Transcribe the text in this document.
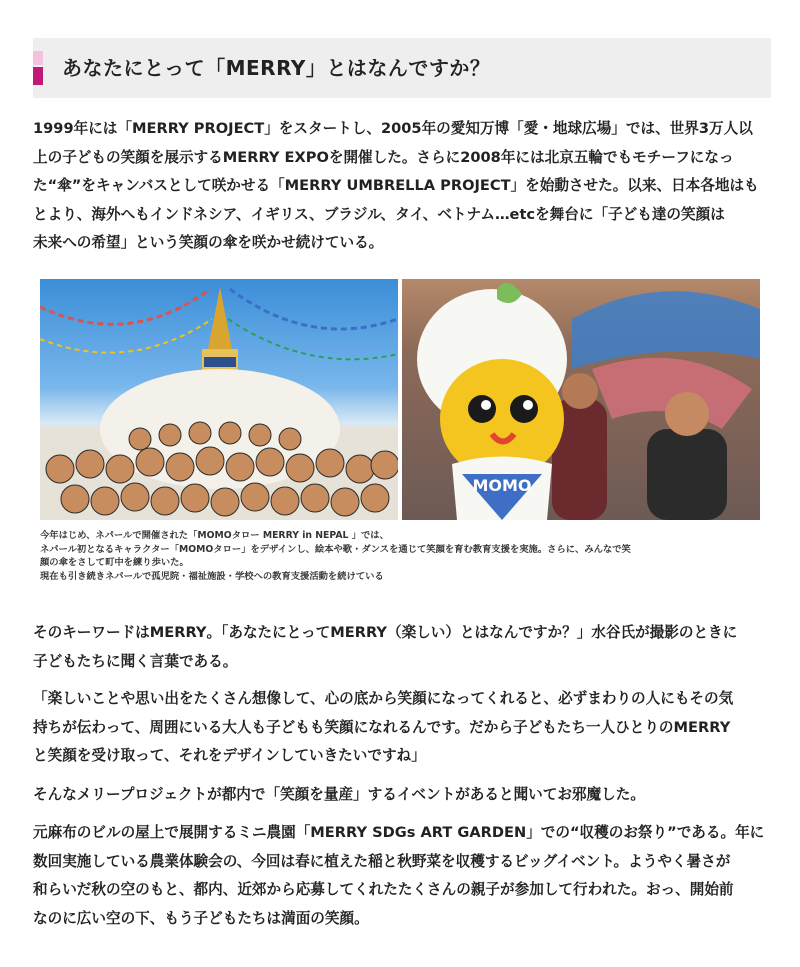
あなたにとって「MERRY」とはなんですか？

1999年には「MERRY PROJECT」をスタートし、2005年の愛知万博「愛・地球広場」では、世界3万人以
上の子どもの笑顔を展示するMERRY EXPOを開催した。さらに2008年には北京五輪でもモチーフになっ
た“傘”をキャンバスとして咲かせる「MERRY UMBRELLA PROJECT」を始動させた。以来、日本各地はも
とより、海外へもインドネシア、イギリス、ブラジル、タイ、ベトナム…etcを舞台に「子ども達の笑顔は
未来への希望」という笑顔の傘を咲かせ続けている。

MOMO
今年はじめ、ネパールで開催された「MOMOタロー MERRY in NEPAL 」では、
ネパール初となるキャラクター「MOMOタロー」をデザインし、絵本や歌・ダンスを通じて笑顔を育む教育支援を実施。さらに、みんなで笑
顔の傘をさして町中を練り歩いた。
現在も引き続きネパールで孤児院・福祉施設・学校への教育支援活動を続けている

そのキーワードはMERRY。「あなたにとってMERRY（楽しい）とはなんですか？」水谷氏が撮影のときに
子どもたちに聞く言葉である。

「楽しいことや思い出をたくさん想像して、心の底から笑顔になってくれると、必ずまわりの人にもその気
持ちが伝わって、周囲にいる大人も子どもも笑顔になれるんです。だから子どもたち一人ひとりのMERRY
と笑顔を受け取って、それをデザインしていきたいですね」

そんなメリープロジェクトが都内で「笑顔を量産」するイベントがあると聞いてお邪魔した。

元麻布のビルの屋上で展開するミニ農園「MERRY SDGs ART GARDEN」での“収穫のお祭り”である。年に
数回実施している農業体験会の、今回は春に植えた稲と秋野菜を収穫するビッグイベント。ようやく暑さが
和らいだ秋の空のもと、都内、近郊から応募してくれたたくさんの親子が参加して行われた。おっ、開始前
なのに広い空の下、もう子どもたちは満面の笑顔。
